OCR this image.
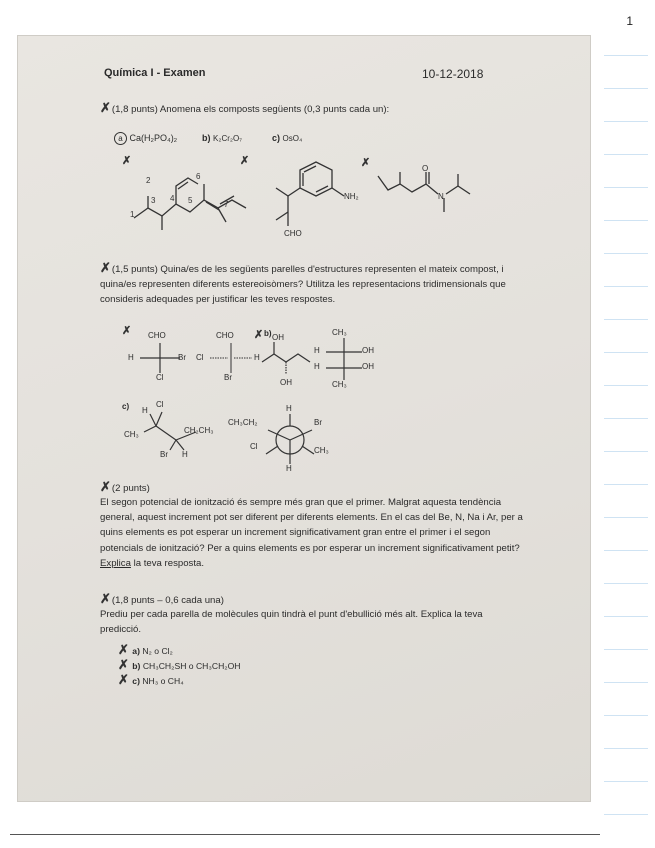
1
Química I - Examen	10-12-2018
✗(1,8 punts) Anomena els composts següents (0,3 punts cada un):
a Ca(H₂PO₄)₂	b) K₂Cr₂O₇	c) OsO₄
✗	✗	✗
1
2
3 4 5
6
7
NH₂
CHO
O
N
✗(1,5 punts) Quina/es de les següents parelles d'estructures representen el mateix compost, i quina/es representen diferents estereoisòmers? Utilitza les representacions tridimensionals que consideris adequades per justificar les teves respostes.
✗ CHO
H	Br
Cl
CHO
Cl	H
Br
✗ b) OH
OH
CH₃
H	OH
H	OH
CH₃
c) H
Cl
CH₃	CH₂CH₃
Br H
CH₃CH₂
H
Br
CH₃
Cl
H
✗(2 punts)
El segon potencial de ionització és sempre més gran que el primer. Malgrat aquesta tendència general, aquest increment pot ser diferent per diferents elements. En el cas del Be, N, Na i Ar, per a quins elements es pot esperar un increment significativament gran entre el primer i el segon potencials de ionització? Per a quins elements es por esperar un increment significativament petit? Explica la teva resposta.
✗(1,8 punts – 0,6 cada una)
Prediu per cada parella de molècules quin tindrà el punt d'ebullició més alt. Explica la teva predicció.
✗ a) N₂ o Cl₂
✗ b) CH₃CH₂SH o CH₃CH₂OH
✗ c) NH₃ o CH₄
